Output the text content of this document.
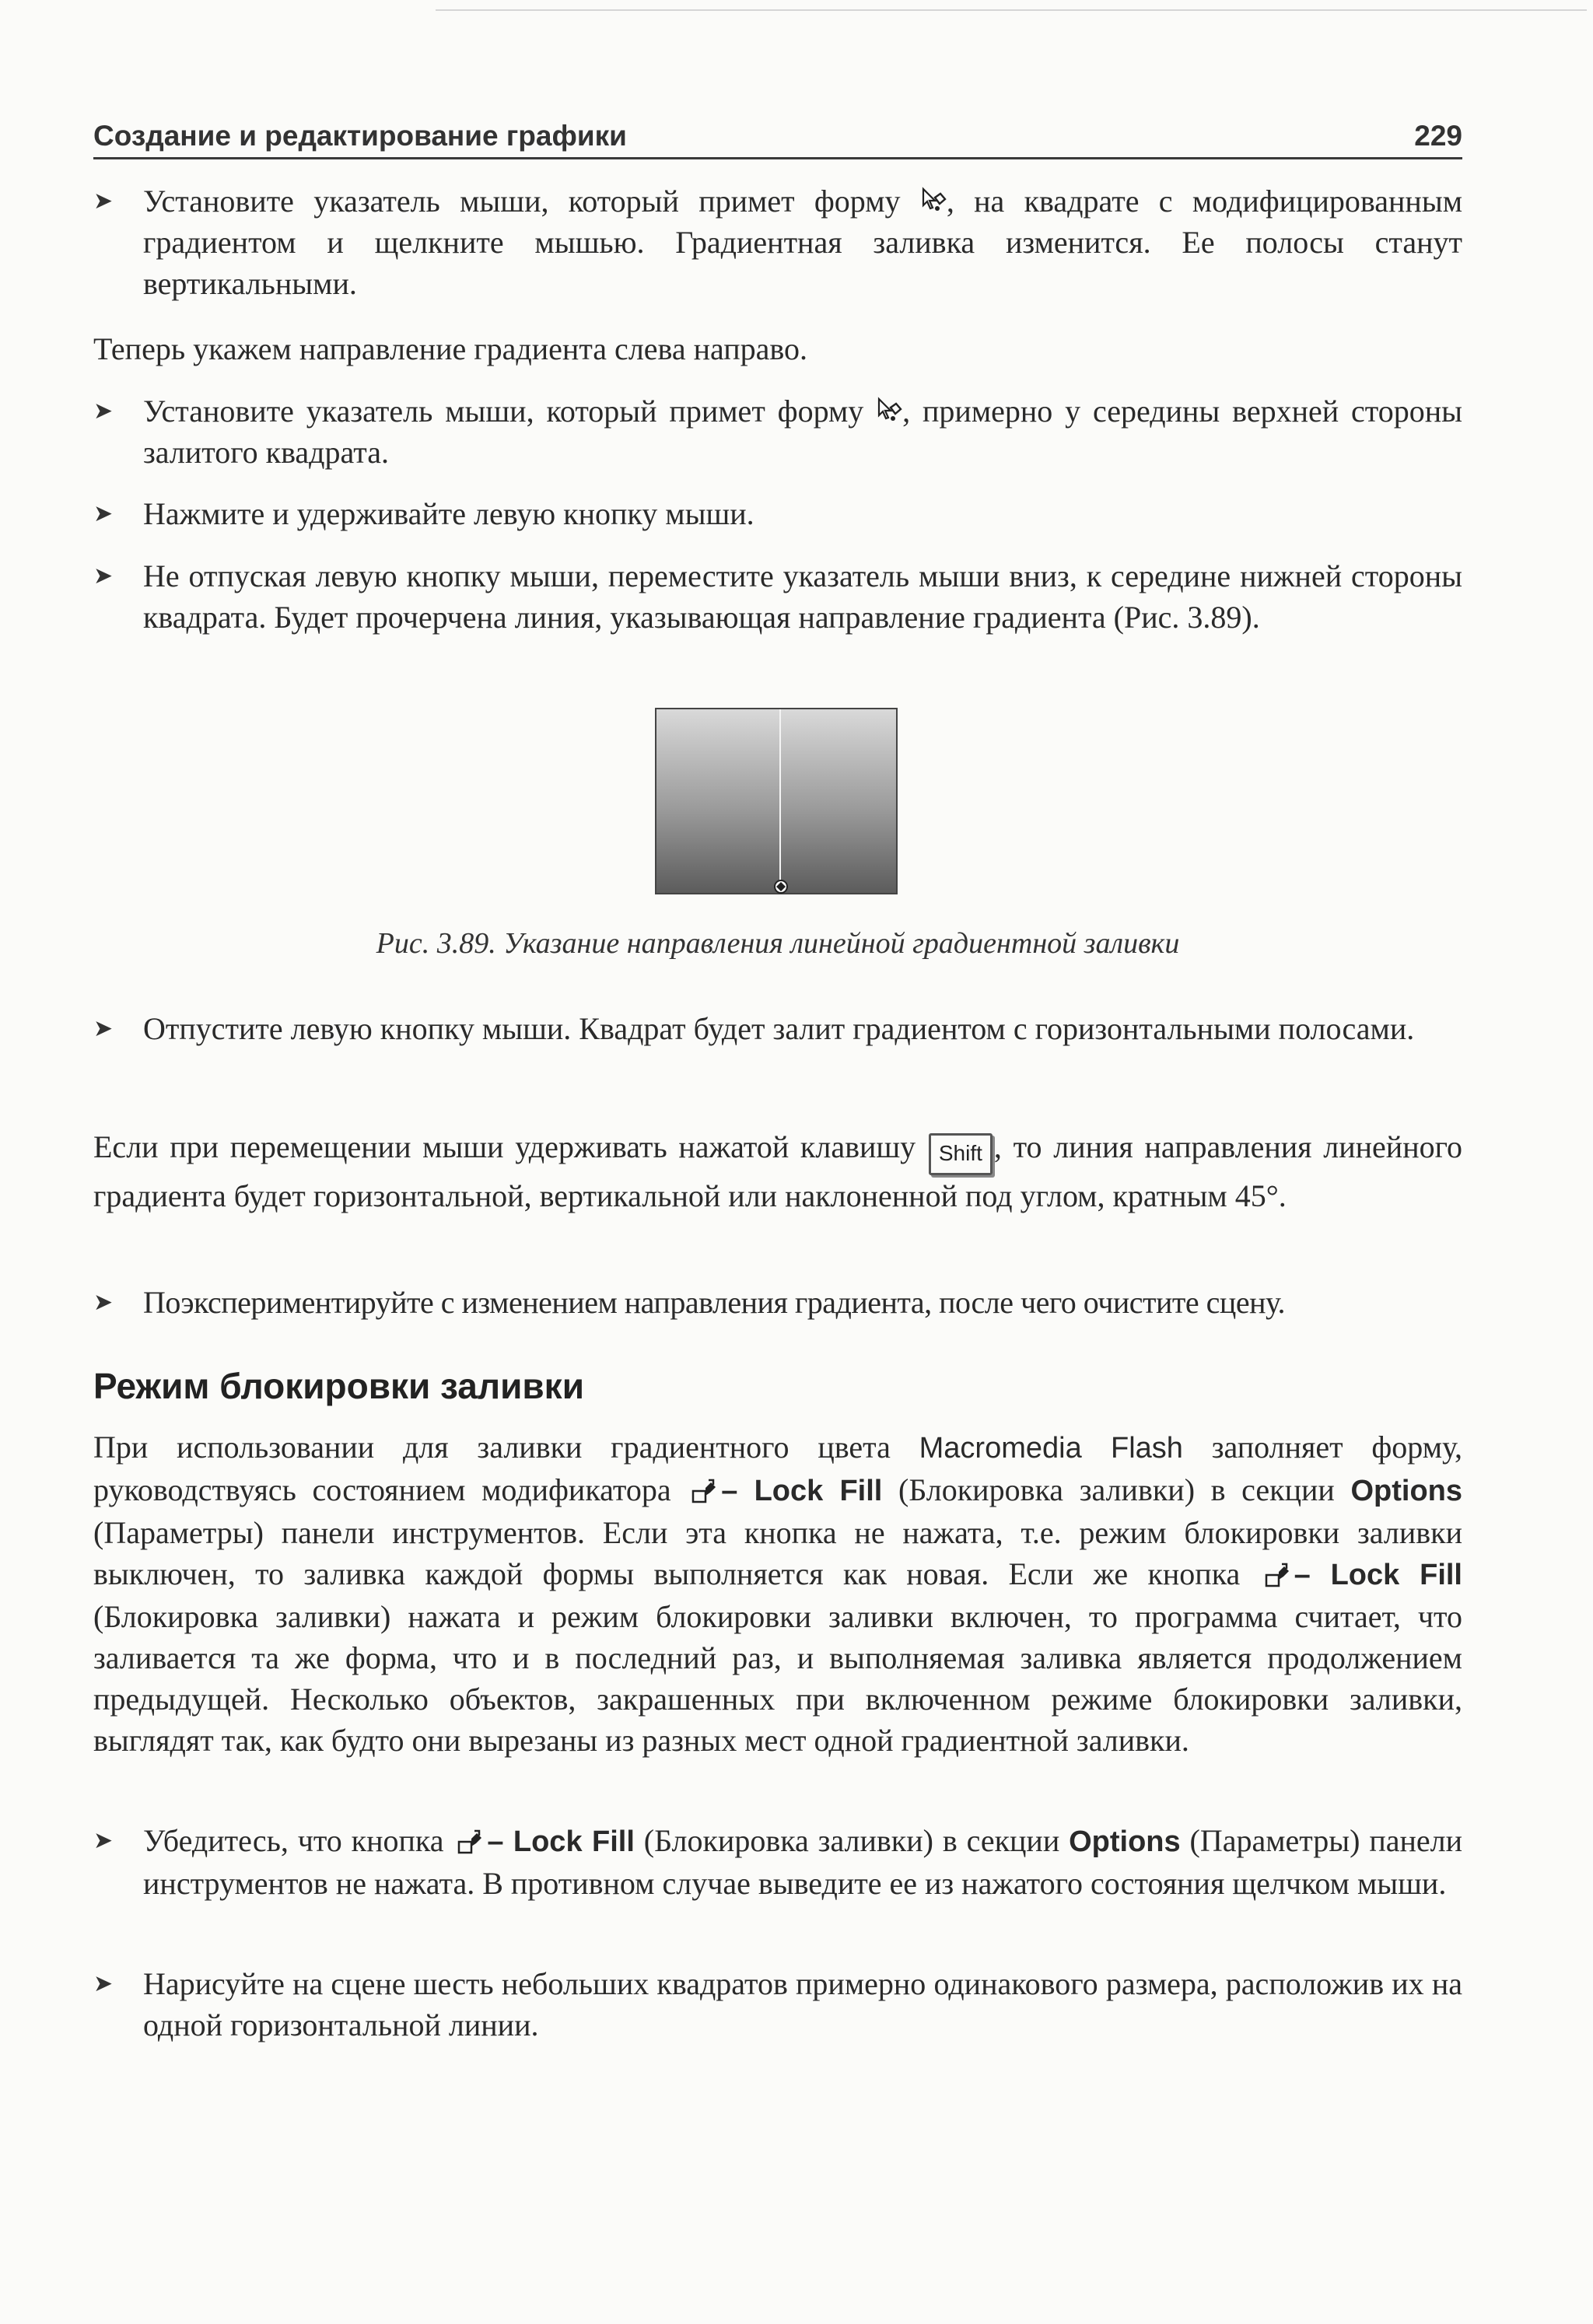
Создание и редактирование графики	229
➤ Установите указатель мыши, который примет форму , на квадрате с модифицированным градиентом и щелкните мышью. Градиентная заливка изменится. Ее полосы станут вертикальными.
Теперь укажем направление градиента слева направо.
➤ Установите указатель мыши, который примет форму , примерно у середины верхней стороны залитого квадрата.
➤ Нажмите и удерживайте левую кнопку мыши.
➤ Не отпуская левую кнопку мыши, переместите указатель мыши вниз, к середине нижней стороны квадрата. Будет прочерчена линия, указывающая направление градиента (Рис. 3.89).
Рис. 3.89. Указание направления линейной градиентной заливки
➤ Отпустите левую кнопку мыши. Квадрат будет залит градиентом с горизонтальными полосами.
Если при перемещении мыши удерживать нажатой клавишу Shift , то линия направления линейного градиента будет горизонтальной, вертикальной или наклоненной под углом, кратным 45°.
➤ Поэкспериментируйте с изменением направления градиента, после чего очистите сцену.
Режим блокировки заливки
При использовании для заливки градиентного цвета Macromedia Flash заполняет форму, руководствуясь состоянием модификатора – Lock Fill (Блокировка заливки) в секции Options (Параметры) панели инструментов. Если эта кнопка не нажата, т.е. режим блокировки заливки выключен, то заливка каждой формы выполняется как новая. Если же кнопка – Lock Fill (Блокировка заливки) нажата и режим блокировки заливки включен, то программа считает, что заливается та же форма, что и в последний раз, и выполняемая заливка является продолжением предыдущей. Несколько объектов, закрашенных при включенном режиме блокировки заливки, выглядят так, как будто они вырезаны из разных мест одной градиентной заливки.
➤ Убедитесь, что кнопка – Lock Fill (Блокировка заливки) в секции Options (Параметры) панели инструментов не нажата. В противном случае выведите ее из нажатого состояния щелчком мыши.
➤ Нарисуйте на сцене шесть небольших квадратов примерно одинакового размера, расположив их на одной горизонтальной линии.
